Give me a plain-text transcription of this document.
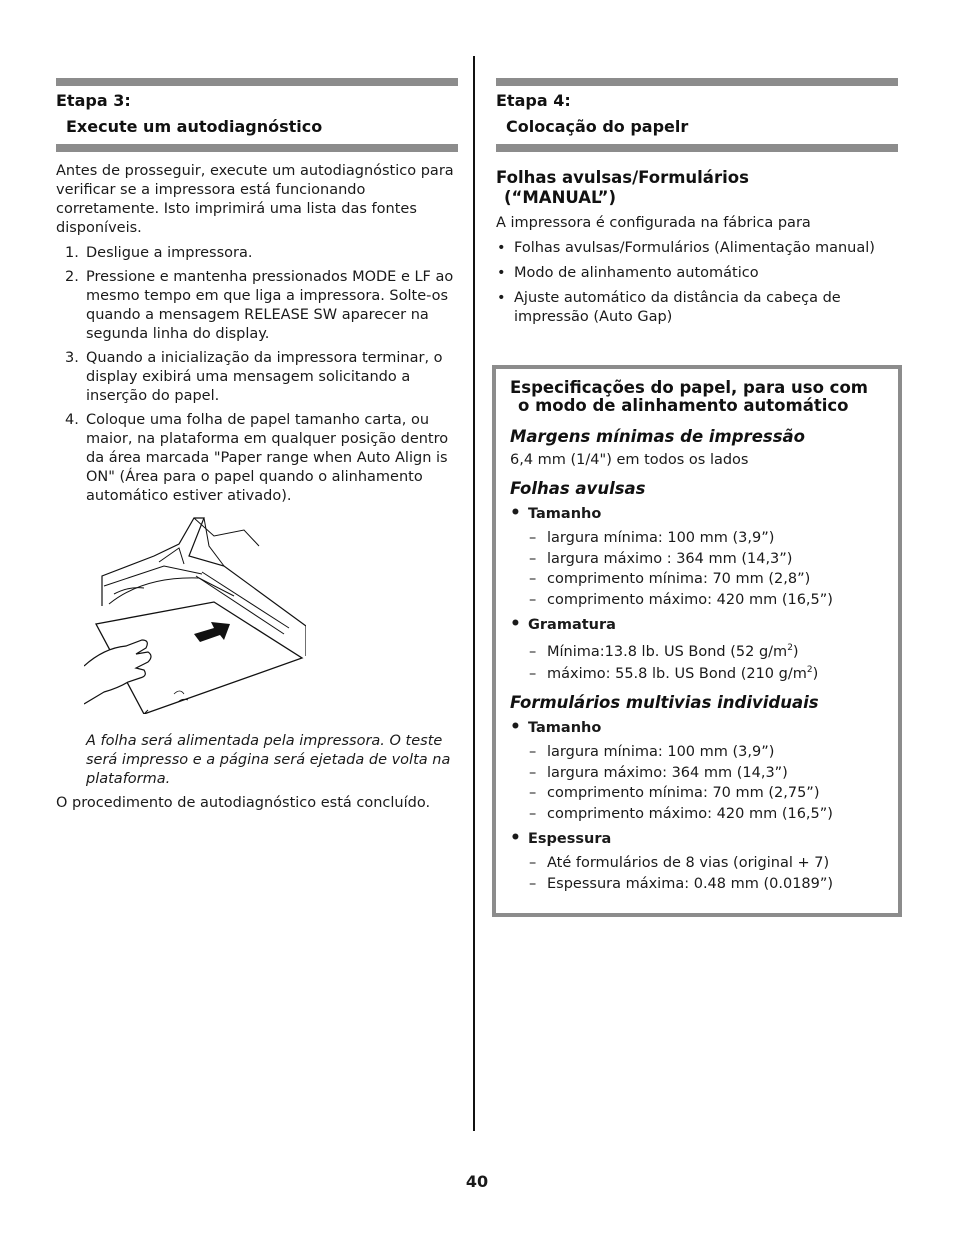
Etapa 3:
Execute um autodiagnóstico

Antes de prosseguir, execute um autodiagnóstico para verificar se a impressora está funcionando corretamente. Isto imprimirá uma lista das fontes disponíveis.

1. Desligue a impressora.
2. Pressione e mantenha pressionados MODE e LF ao mesmo tempo em que liga a impressora. Solte-os quando a mensagem RELEASE SW aparecer na segunda linha do display.
3. Quando a inicialização da impressora terminar, o display exibirá uma mensagem solicitando a inserção do papel.
4. Coloque uma folha de papel tamanho carta, ou maior, na plataforma em qualquer posição dentro da área marcada "Paper range when Auto Align is ON" (Área para o papel quando o alinhamento automático estiver ativado).

A folha será alimentada pela impressora. O teste será impresso e a página será ejetada de volta na plataforma.

O procedimento de autodiagnóstico está concluído.

Etapa 4:
Colocação do papelr
Folhas avulsas/Formulários
(“MANUAL”)

A impressora é configurada na fábrica para

• Folhas avulsas/Formulários (Alimentação manual)
• Modo de alinhamento automático
• Ajuste automático da distância da cabeça de impressão (Auto Gap)
Especificações do papel, para uso com
o modo de alinhamento automático
Margens mínimas de impressão
6,4 mm (1/4") em todos os lados
Folhas avulsas
• Tamanho
– largura mínima: 100 mm (3,9”)
– largura máximo : 364 mm (14,3”)
– comprimento mínima: 70 mm (2,8”)
– comprimento máximo: 420 mm (16,5”)
• Gramatura
– Mínima:13.8 lb. US Bond (52 $g/m^2$)
– máximo: 55.8 lb. US Bond (210 $g/m^2$)
Formulários multivias individuais
• Tamanho
– largura mínima: 100 mm (3,9”)
– largura máximo: 364 mm (14,3”)
– comprimento mínima: 70 mm (2,75”)
– comprimento máximo: 420 mm (16,5”)
• Espessura
– Até formulários de 8 vias (original + 7)
– Espessura máxima: 0.48 mm (0.0189”)
40
